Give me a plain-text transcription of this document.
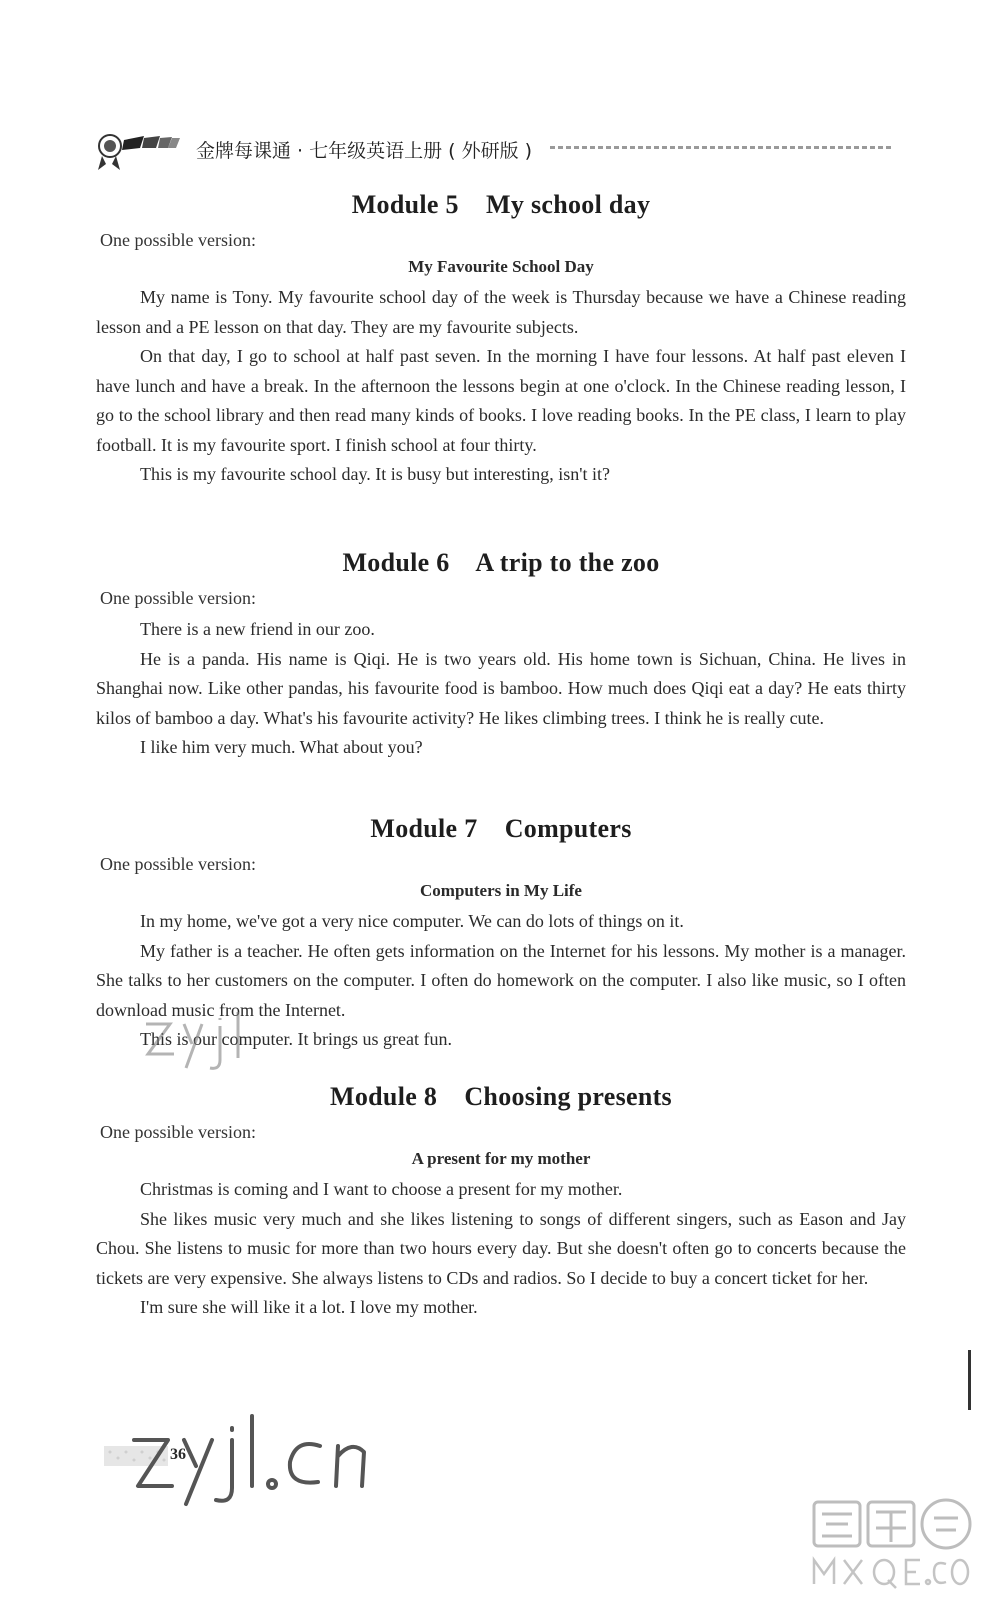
金牌每课通 · 七年级英语上册 ( 外研版 )
Module 5    My school day
One possible version:
My Favourite School Day

My name is Tony. My favourite school day of the week is Thursday because we have a Chinese reading lesson and a PE lesson on that day. They are my favourite subjects.

On that day, I go to school at half past seven. In the morning I have four lessons. At half past eleven I have lunch and have a break. In the afternoon the lessons begin at one o'clock. In the Chinese reading lesson, I go to the school library and then read many kinds of books. I love reading books. In the PE class, I learn to play football. It is my favourite sport. I finish school at four thirty.

This is my favourite school day. It is busy but interesting, isn't it?

Module 6    A trip to the zoo
One possible version:

There is a new friend in our zoo.

He is a panda. His name is Qiqi. He is two years old. His home town is Sichuan, China. He lives in Shanghai now. Like other pandas, his favourite food is bamboo. How much does Qiqi eat a day? He eats thirty kilos of bamboo a day. What's his favourite activity? He likes climbing trees. I think he is really cute.

I like him very much. What about you?

Module 7    Computers
One possible version:
Computers in My Life

In my home, we've got a very nice computer. We can do lots of things on it.

My father is a teacher. He often gets information on the Internet for his lessons. My mother is a manager. She talks to her customers on the computer. I often do homework on the computer. I also like music, so I often download music from the Internet.

This is our computer. It brings us great fun.

Module 8    Choosing presents
One possible version:
A present for my mother

Christmas is coming and I want to choose a present for my mother.

She likes music very much and she likes listening to songs of different singers, such as Eason and Jay Chou. She listens to music for more than two hours every day. But she doesn't often go to concerts because the tickets are very expensive. She always listens to CDs and radios. So I decide to buy a concert ticket for her.

I'm sure she will like it a lot. I love my mother.

36
